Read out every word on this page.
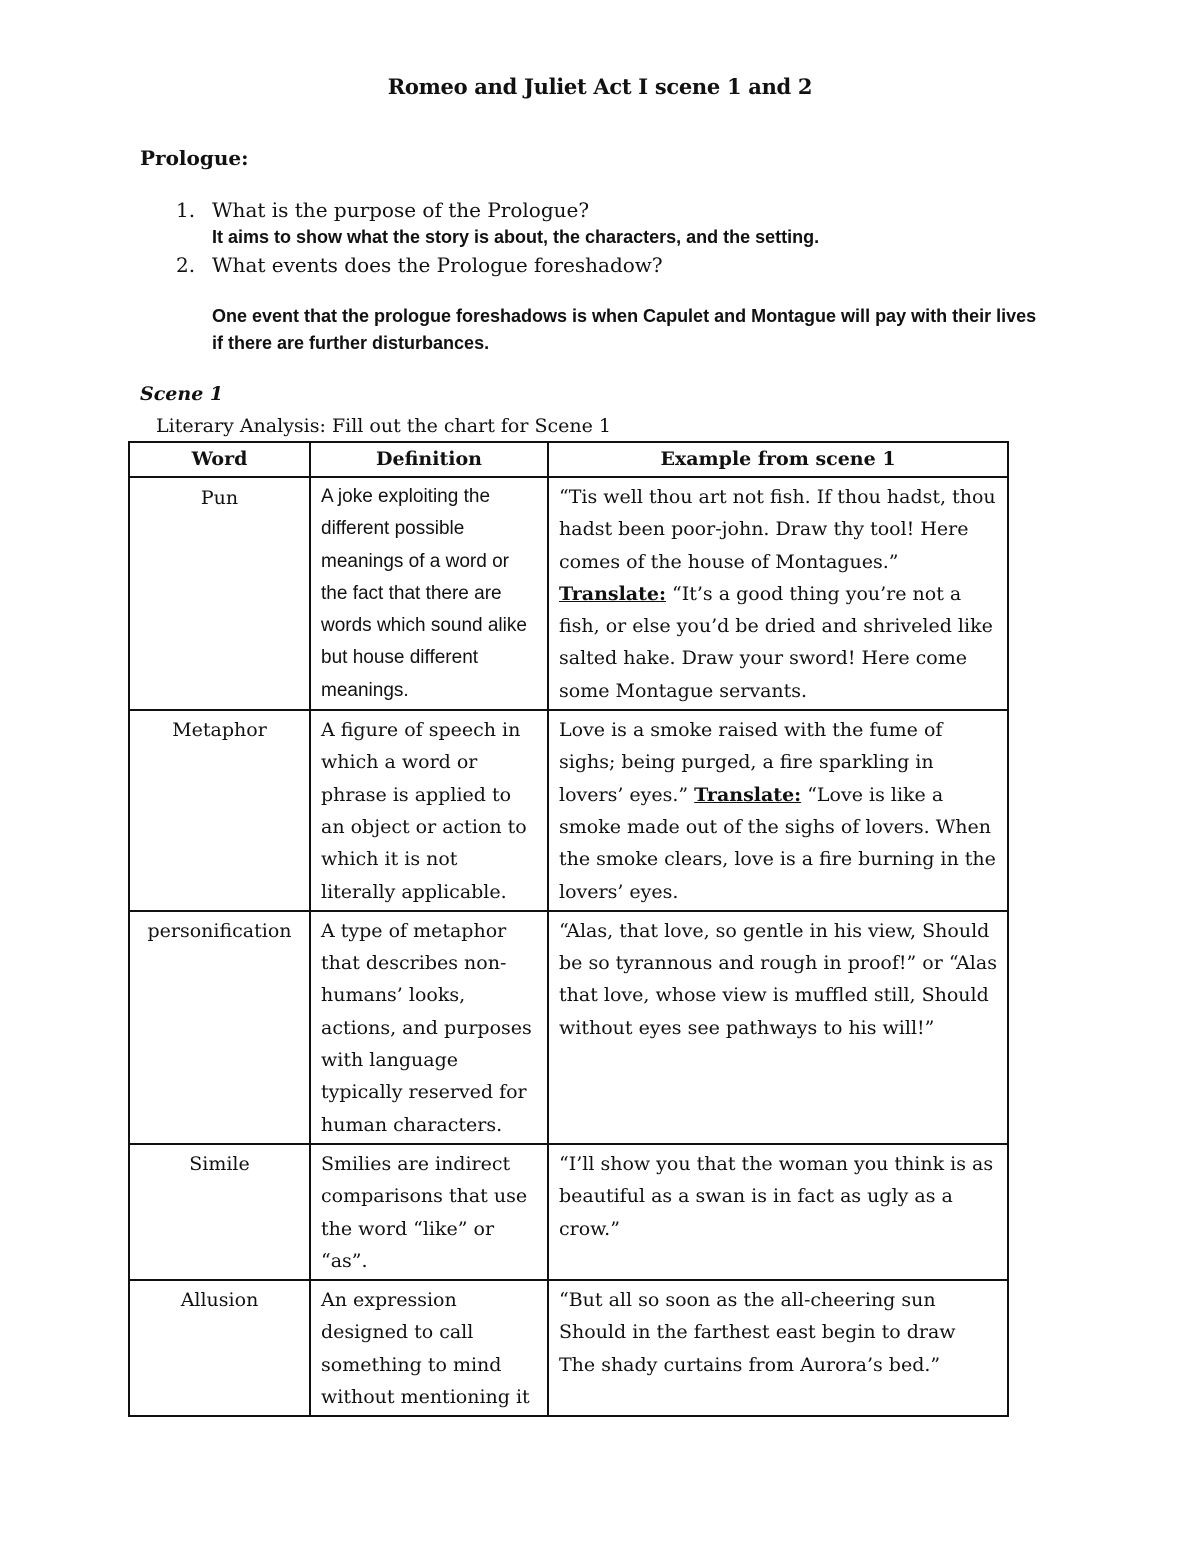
Romeo and Juliet Act I scene 1 and 2
Prologue:
1. What is the purpose of the Prologue?
It aims to show what the story is about, the characters, and the setting.
2. What events does the Prologue foreshadow?
One event that the prologue foreshadows is when Capulet and Montague will pay with their lives
if there are further disturbances.
Scene 1
Literary Analysis: Fill out the chart for Scene 1
Word	Definition	Example from scene 1
Pun	A joke exploiting the different possible meanings of a word or the fact that there are words which sound alike but house different meanings.	“Tis well thou art not fish. If thou hadst, thou hadst been poor-john. Draw thy tool! Here comes of the house of Montagues.” Translate: “It’s a good thing you’re not a fish, or else you’d be dried and shriveled like salted hake. Draw your sword! Here come some Montague servants.
Metaphor	A figure of speech in which a word or phrase is applied to an object or action to which it is not literally applicable.	Love is a smoke raised with the fume of sighs; being purged, a fire sparkling in lovers’ eyes.” Translate: “Love is like a smoke made out of the sighs of lovers. When the smoke clears, love is a fire burning in the lovers’ eyes.
personification	A type of metaphor that describes non-humans’ looks, actions, and purposes with language typically reserved for human characters.	“Alas, that love, so gentle in his view, Should be so tyrannous and rough in proof!” or “Alas that love, whose view is muffled still, Should without eyes see pathways to his will!”
Simile	Smilies are indirect comparisons that use the word “like” or “as”.	“I’ll show you that the woman you think is as beautiful as a swan is in fact as ugly as a crow.”
Allusion	An expression designed to call something to mind without mentioning it	“But all so soon as the all-cheering sun Should in the farthest east begin to draw The shady curtains from Aurora’s bed.”
